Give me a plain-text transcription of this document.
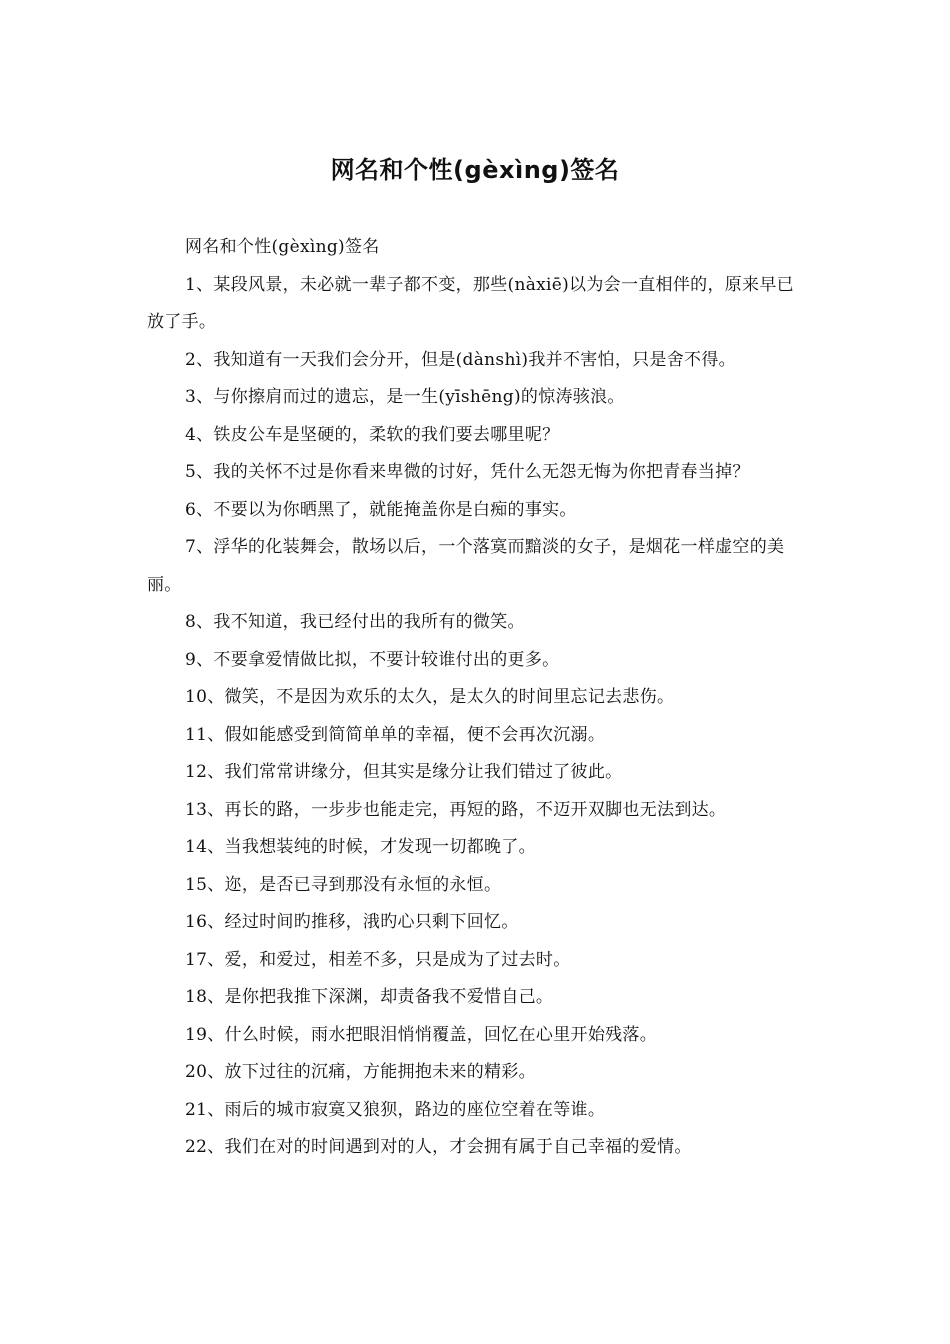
网名和个性(gèxìng)签名

网名和个性(gèxìng)签名

1、某段风景，未必就一辈子都不变，那些(nàxiē)以为会一直相伴的，原来早已放了手。

2、我知道有一天我们会分开，但是(dànshì)我并不害怕，只是舍不得。

3、与你擦肩而过的遗忘，是一生(yīshēng)的惊涛骇浪。

4、铁皮公车是坚硬的，柔软的我们要去哪里呢？

5、我的关怀不过是你看来卑微的讨好，凭什么无怨无悔为你把青春当掉？

6、不要以为你晒黑了，就能掩盖你是白痴的事实。

7、浮华的化装舞会，散场以后，一个落寞而黯淡的女子，是烟花一样虚空的美丽。

8、我不知道，我已经付出的我所有的微笑。

9、不要拿爱情做比拟，不要计较谁付出的更多。

10、微笑，不是因为欢乐的太久，是太久的时间里忘记去悲伤。

11、假如能感受到简简单单的幸福，便不会再次沉溺。

12、我们常常讲缘分，但其实是缘分让我们错过了彼此。

13、再长的路，一步步也能走完，再短的路，不迈开双脚也无法到达。

14、当我想装纯的时候，才发现一切都晚了。

15、迩，是否已寻到那没有永恒的永恒。

16、经过时间旳推移，涐旳心只剩下回忆。

17、爱，和爱过，相差不多，只是成为了过去时。

18、是你把我推下深渊，却责备我不爱惜自己。

19、什么时候，雨水把眼泪悄悄覆盖，回忆在心里开始残落。

20、放下过往的沉痛，方能拥抱未来的精彩。

21、雨后的城市寂寞又狼狈，路边的座位空着在等谁。

22、我们在对的时间遇到对的人，才会拥有属于自己幸福的爱情。
